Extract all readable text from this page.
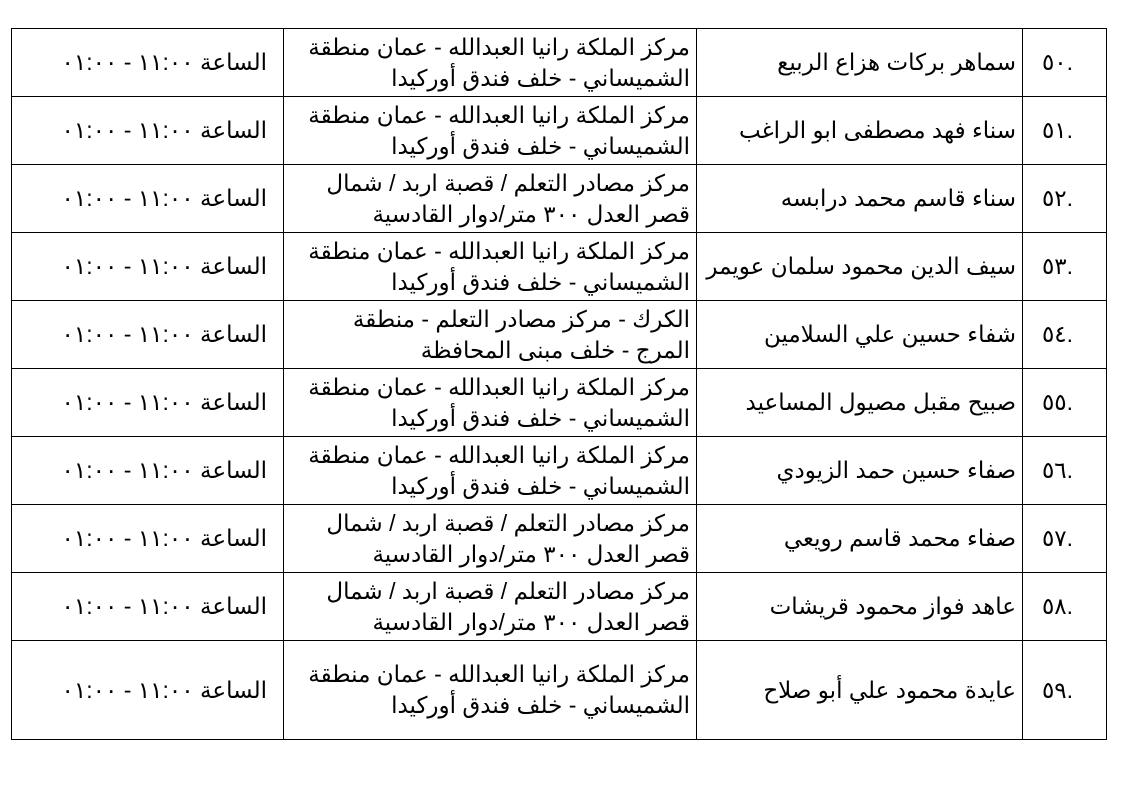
.٥٠	سماهر بركات هزاع الربيع	مركز الملكة رانيا العبدالله - عمان منطقة
الشميساني - خلف فندق أوركيدا	الساعة ١١:٠٠ - ٠١:٠٠
.٥١	سناء فهد مصطفى ابو الراغب	مركز الملكة رانيا العبدالله - عمان منطقة
الشميساني - خلف فندق أوركيدا	الساعة ١١:٠٠ - ٠١:٠٠
.٥٢	سناء قاسم محمد درابسه	مركز مصادر التعلم / قصبة اربد / شمال
قصر العدل ٣٠٠ متر/دوار القادسية	الساعة ١١:٠٠ - ٠١:٠٠
.٥٣	سيف الدين محمود سلمان عويمر	مركز الملكة رانيا العبدالله - عمان منطقة
الشميساني - خلف فندق أوركيدا	الساعة ١١:٠٠ - ٠١:٠٠
.٥٤	شفاء حسين علي السلامين	الكرك - مركز مصادر التعلم - منطقة
المرج - خلف مبنى المحافظة	الساعة ١١:٠٠ - ٠١:٠٠
.٥٥	صبيح مقبل مصيول المساعيد	مركز الملكة رانيا العبدالله - عمان منطقة
الشميساني - خلف فندق أوركيدا	الساعة ١١:٠٠ - ٠١:٠٠
.٥٦	صفاء حسين حمد الزيودي	مركز الملكة رانيا العبدالله - عمان منطقة
الشميساني - خلف فندق أوركيدا	الساعة ١١:٠٠ - ٠١:٠٠
.٥٧	صفاء محمد قاسم رويعي	مركز مصادر التعلم / قصبة اربد / شمال
قصر العدل ٣٠٠ متر/دوار القادسية	الساعة ١١:٠٠ - ٠١:٠٠
.٥٨	عاهد فواز محمود قريشات	مركز مصادر التعلم / قصبة اربد / شمال
قصر العدل ٣٠٠ متر/دوار القادسية	الساعة ١١:٠٠ - ٠١:٠٠
.٥٩	عايدة محمود علي أبو صلاح	مركز الملكة رانيا العبدالله - عمان منطقة
الشميساني - خلف فندق أوركيدا	الساعة ١١:٠٠ - ٠١:٠٠
